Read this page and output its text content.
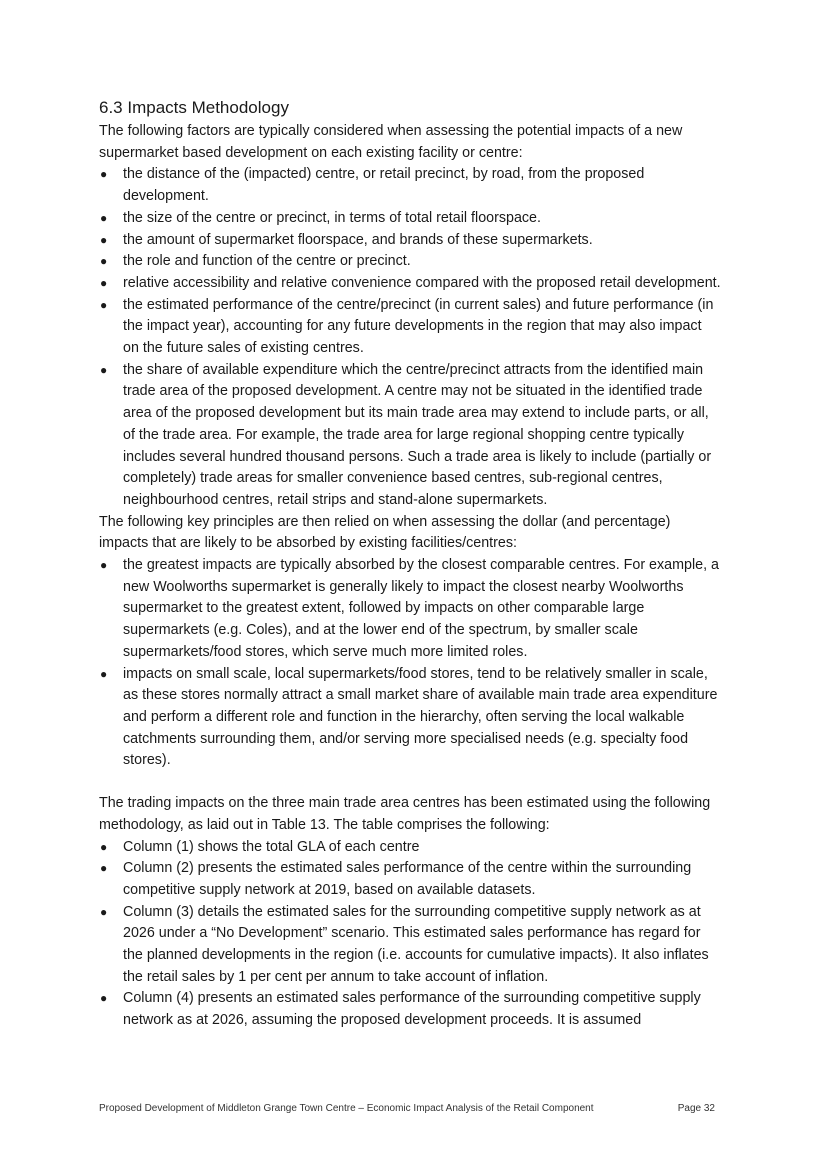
6.3 Impacts Methodology

The following factors are typically considered when assessing the potential impacts of a new supermarket based development on each existing facility or centre:

● the distance of the (impacted) centre, or retail precinct, by road, from the proposed development.
● the size of the centre or precinct, in terms of total retail floorspace.
● the amount of supermarket floorspace, and brands of these supermarkets.
● the role and function of the centre or precinct.
● relative accessibility and relative convenience compared with the proposed retail development.
● the estimated performance of the centre/precinct (in current sales) and future performance (in the impact year), accounting for any future developments in the region that may also impact on the future sales of existing centres.
● the share of available expenditure which the centre/precinct attracts from the identified main trade area of the proposed development. A centre may not be situated in the identified trade area of the proposed development but its main trade area may extend to include parts, or all, of the trade area. For example, the trade area for large regional shopping centre typically includes several hundred thousand persons. Such a trade area is likely to include (partially or completely) trade areas for smaller convenience based centres, sub-regional centres, neighbourhood centres, retail strips and stand-alone supermarkets.

The following key principles are then relied on when assessing the dollar (and percentage) impacts that are likely to be absorbed by existing facilities/centres:

● the greatest impacts are typically absorbed by the closest comparable centres. For example, a new Woolworths supermarket is generally likely to impact the closest nearby Woolworths supermarket to the greatest extent, followed by impacts on other comparable large supermarkets (e.g. Coles), and at the lower end of the spectrum, by smaller scale supermarkets/food stores, which serve much more limited roles.
● impacts on small scale, local supermarkets/food stores, tend to be relatively smaller in scale, as these stores normally attract a small market share of available main trade area expenditure and perform a different role and function in the hierarchy, often serving the local walkable catchments surrounding them, and/or serving more specialised needs (e.g. specialty food stores).

The trading impacts on the three main trade area centres has been estimated using the following methodology, as laid out in Table 13. The table comprises the following:

● Column (1) shows the total GLA of each centre
● Column (2) presents the estimated sales performance of the centre within the surrounding competitive supply network at 2019, based on available datasets.
● Column (3) details the estimated sales for the surrounding competitive supply network as at 2026 under a “No Development” scenario. This estimated sales performance has regard for the planned developments in the region (i.e. accounts for cumulative impacts). It also inflates the retail sales by 1 per cent per annum to take account of inflation.
● Column (4) presents an estimated sales performance of the surrounding competitive supply network as at 2026, assuming the proposed development proceeds. It is assumed
Proposed Development of Middleton Grange Town Centre – Economic Impact Analysis of the Retail Component	Page 32
